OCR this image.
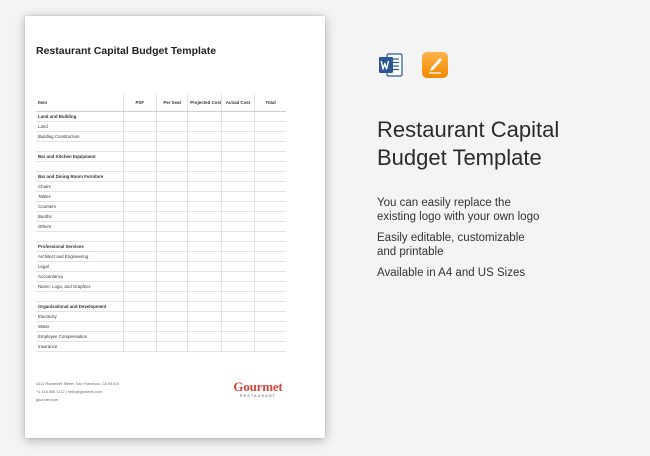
Restaurant Capital Budget Template
Item	PSF	Per Seat	Projected Cost	Actual Cost	Total
Land and Building					
Land					
Building Construction					

Bar and Kitchen Equipment					

Bar and Dining Room Furniture					
Chairs					
Tables					
Counters					
Booths					
Others					

Professional Services					
Architect and Engineering					
Legal					
Accountancy					
Name, Logo, and Graphics					

Organizational and Development					
Electricity					
Water					
Employee Compensation					
Insurance					
4412 Roosevelt Street, San Francisco, CA 94104
+1 415 555 1212 | hello@gourmet.com
gourmet.com
Gourmet
RESTAURANT
Restaurant Capital
Budget Template
You can easily replace the
existing logo with your own logo
Easily editable, customizable
and printable
Available in A4 and US Sizes
